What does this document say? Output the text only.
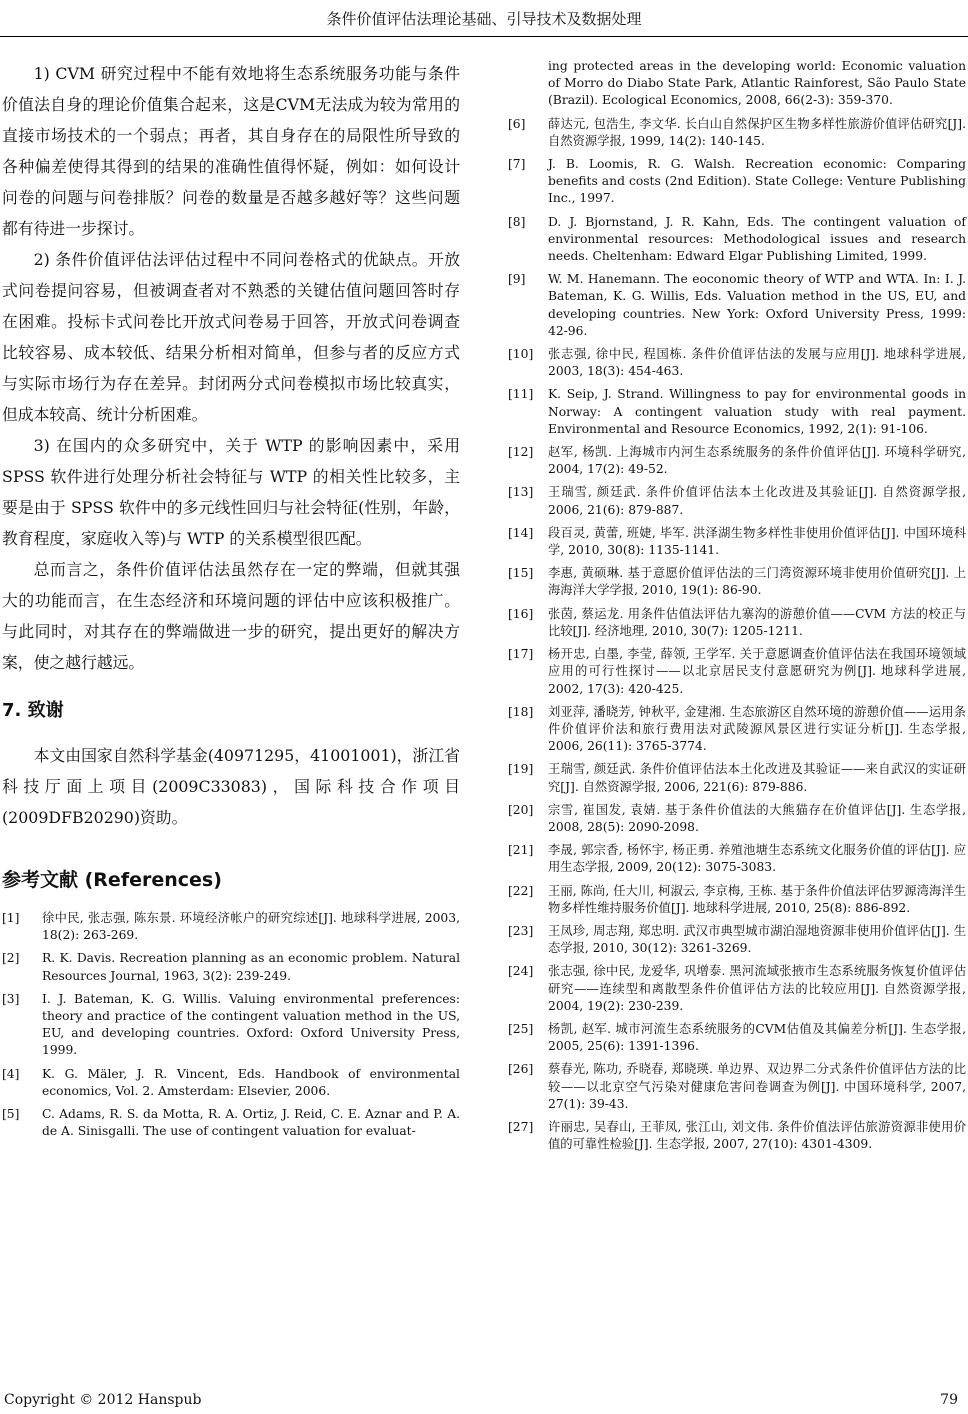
条件价值评估法理论基础、引导技术及数据处理

1) CVM 研究过程中不能有效地将生态系统服务功能与条件价值法自身的理论价值集合起来，这是CVM无法成为较为常用的直接市场技术的一个弱点；再者，其自身存在的局限性所导致的各种偏差使得其得到的结果的准确性值得怀疑，例如：如何设计问卷的问题与问卷排版？问卷的数量是否越多越好等？这些问题都有待进一步探讨。

2) 条件价值评估法评估过程中不同问卷格式的优缺点。开放式问卷提问容易，但被调查者对不熟悉的关键估值问题回答时存在困难。投标卡式问卷比开放式问卷易于回答，开放式问卷调查比较容易、成本较低、结果分析相对简单，但参与者的反应方式与实际市场行为存在差异。封闭两分式问卷模拟市场比较真实，但成本较高、统计分析困难。

3) 在国内的众多研究中，关于 WTP 的影响因素中，采用 SPSS 软件进行处理分析社会特征与 WTP 的相关性比较多，主要是由于 SPSS 软件中的多元线性回归与社会特征(性别，年龄，教育程度，家庭收入等)与 WTP 的关系模型很匹配。

总而言之，条件价值评估法虽然存在一定的弊端，但就其强大的功能而言，在生态经济和环境问题的评估中应该积极推广。与此同时，对其存在的弊端做进一步的研究，提出更好的解决方案，使之越行越远。

7. 致谢

本文由国家自然科学基金(40971295，41001001)，浙江省科技厅面上项目(2009C33083)，国际科技合作项目(2009DFB20290)资助。

参考文献 (References)
[1]	徐中民, 张志强, 陈东景. 环境经济帐户的研究综述[J]. 地球科学进展, 2003, 18(2): 263-269.
[2]	R. K. Davis. Recreation planning as an economic problem. Natural Resources Journal, 1963, 3(2): 239-249.
[3]	I. J. Bateman, K. G. Willis. Valuing environmental preferences: theory and practice of the contingent valuation method in the US, EU, and developing countries. Oxford: Oxford University Press, 1999.
[4]	K. G. Mäler, J. R. Vincent, Eds. Handbook of environmental economics, Vol. 2. Amsterdam: Elsevier, 2006.
[5]	C. Adams, R. S. da Motta, R. A. Ortiz, J. Reid, C. E. Aznar and P. A. de A. Sinisgalli. The use of contingent valuation for evaluat-
ing protected areas in the developing world: Economic valuation of Morro do Diabo State Park, Atlantic Rainforest, São Paulo State (Brazil). Ecological Economics, 2008, 66(2-3): 359-370.
[6]	薛达元, 包浩生, 李文华. 长白山自然保护区生物多样性旅游价值评估研究[J]. 自然资源学报, 1999, 14(2): 140-145.
[7]	J. B. Loomis, R. G. Walsh. Recreation economic: Comparing benefits and costs (2nd Edition). State College: Venture Publishing Inc., 1997.
[8]	D. J. Bjornstand, J. R. Kahn, Eds. The contingent valuation of environmental resources: Methodological issues and research needs. Cheltenham: Edward Elgar Publishing Limited, 1999.
[9]	W. M. Hanemann. The eoconomic theory of WTP and WTA. In: I. J. Bateman, K. G. Willis, Eds. Valuation method in the US, EU, and developing countries. New York: Oxford University Press, 1999: 42-96.
[10]	张志强, 徐中民, 程国栋. 条件价值评估法的发展与应用[J]. 地球科学进展, 2003, 18(3): 454-463.
[11]	K. Seip, J. Strand. Willingness to pay for environmental goods in Norway: A contingent valuation study with real payment. Environmental and Resource Economics, 1992, 2(1): 91-106.
[12]	赵军, 杨凯. 上海城市内河生态系统服务的条件价值评估[J]. 环境科学研究, 2004, 17(2): 49-52.
[13]	王瑞雪, 颜廷武. 条件价值评估法本土化改进及其验证[J]. 自然资源学报, 2006, 21(6): 879-887.
[14]	段百灵, 黄蕾, 班婕, 毕军. 洪泽湖生物多样性非使用价值评估[J]. 中国环境科学, 2010, 30(8): 1135-1141.
[15]	李惠, 黄硕琳. 基于意愿价值评估法的三门湾资源环境非使用价值研究[J]. 上海海洋大学学报, 2010, 19(1): 86-90.
[16]	张茵, 蔡运龙. 用条件估值法评估九寨沟的游憩价值——CVM 方法的校正与比较[J]. 经济地理, 2010, 30(7): 1205-1211.
[17]	杨开忠, 白墨, 李莹, 薛领, 王学军. 关于意愿调查价值评估法在我国环境领域应用的可行性探讨——以北京居民支付意愿研究为例[J]. 地球科学进展, 2002, 17(3): 420-425.
[18]	刘亚萍, 潘晓芳, 钟秋平, 金建湘. 生态旅游区自然环境的游憩价值——运用条件价值评价法和旅行费用法对武陵源风景区进行实证分析[J]. 生态学报, 2006, 26(11): 3765-3774.
[19]	王瑞雪, 颜廷武. 条件价值评估法本土化改进及其验证——来自武汉的实证研究[J]. 自然资源学报, 2006, 221(6): 879-886.
[20]	宗雪, 崔国发, 袁婧. 基于条件价值法的大熊猫存在价值评估[J]. 生态学报, 2008, 28(5): 2090-2098.
[21]	李晟, 郭宗香, 杨怀宇, 杨正勇. 养殖池塘生态系统文化服务价值的评估[J]. 应用生态学报, 2009, 20(12): 3075-3083.
[22]	王丽, 陈尚, 任大川, 柯淑云, 李京梅, 王栋. 基于条件价值法评估罗源湾海洋生物多样性维持服务价值[J]. 地球科学进展, 2010, 25(8): 886-892.
[23]	王凤珍, 周志翔, 郑忠明. 武汉市典型城市湖泊湿地资源非使用价值评估[J]. 生态学报, 2010, 30(12): 3261-3269.
[24]	张志强, 徐中民, 龙爱华, 巩增泰. 黑河流域张掖市生态系统服务恢复价值评估研究——连续型和离散型条件价值评估方法的比较应用[J]. 自然资源学报, 2004, 19(2): 230-239.
[25]	杨凯, 赵军. 城市河流生态系统服务的CVM估值及其偏差分析[J]. 生态学报, 2005, 25(6): 1391-1396.
[26]	蔡春光, 陈功, 乔晓春, 郑晓瑛. 单边界、双边界二分式条件价值评估方法的比较——以北京空气污染对健康危害问卷调查为例[J]. 中国环境科学, 2007, 27(1): 39-43.
[27]	许丽忠, 吴春山, 王菲凤, 张江山, 刘文伟. 条件价值法评估旅游资源非使用价值的可靠性检验[J]. 生态学报, 2007, 27(10): 4301-4309.
Copyright © 2012 Hanspub	79
